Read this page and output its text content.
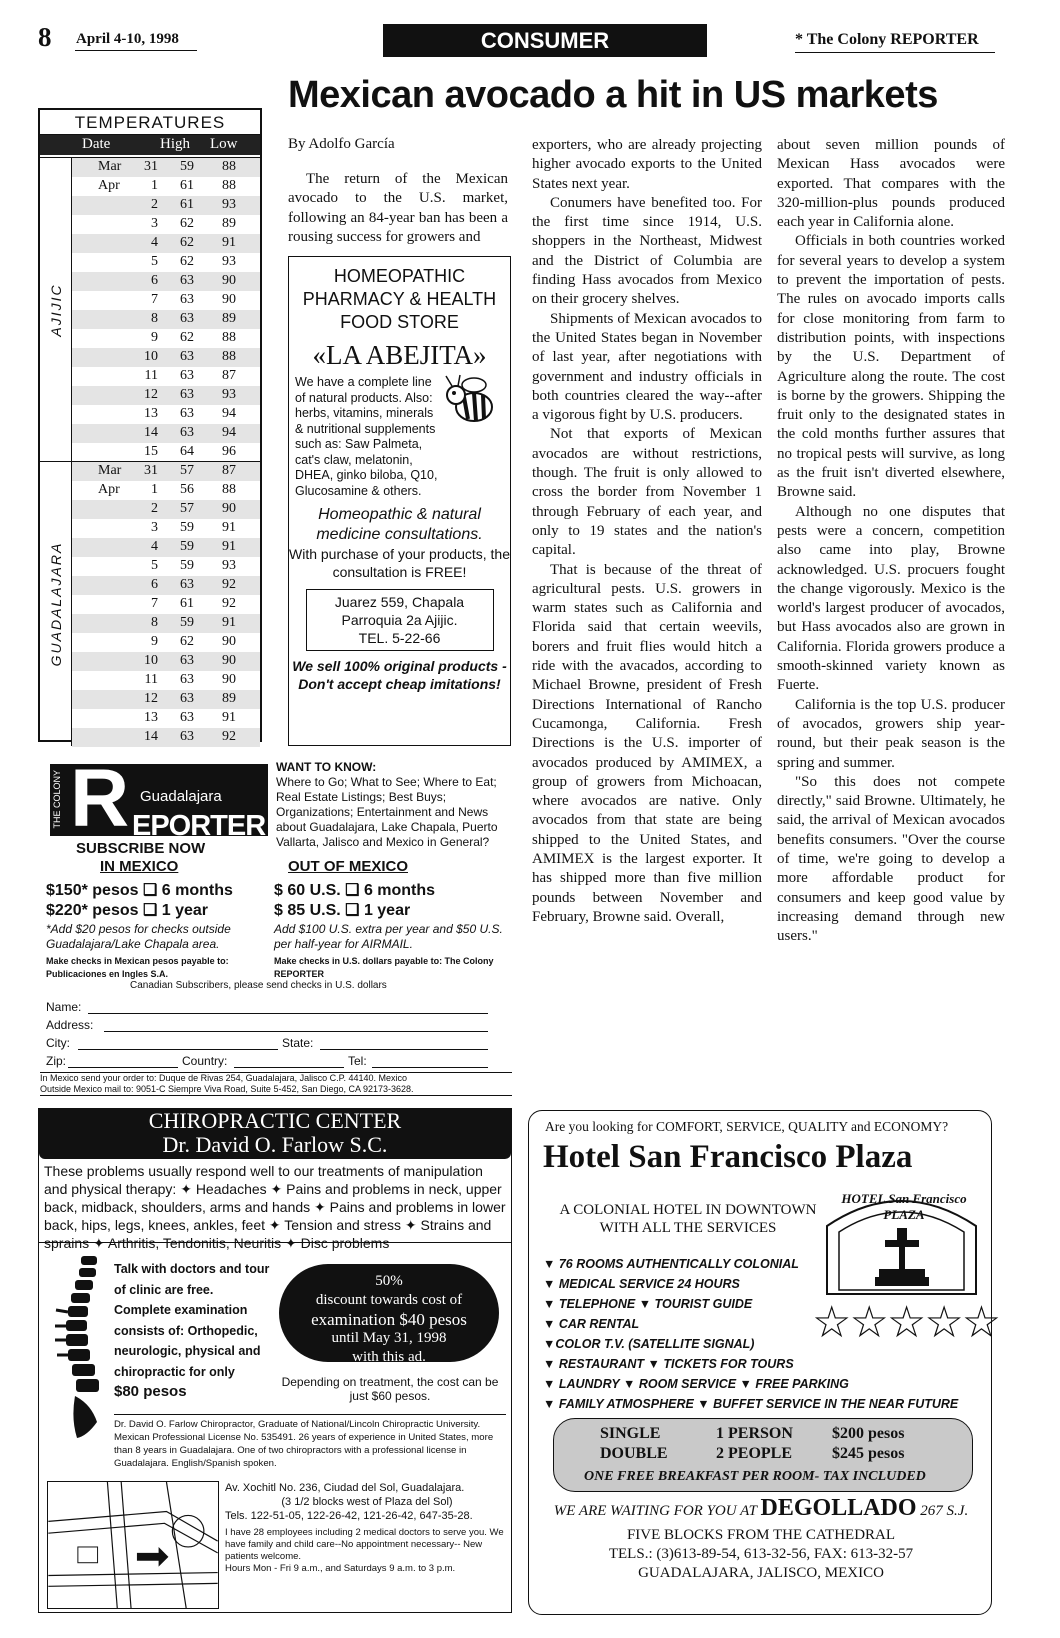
8 April 4-10, 1998	CONSUMER	* The Colony REPORTER
Mexican avocado a hit in US markets
TEMPERATURES
Date	High Low
AJIJIC
Mar	31 59 88
Apr	1 61 88
2 61 93
3 62 89
4 62 91
5 62 93
6 63 90
7 63 90
8 63 89
9 62 88
10 63 88
11 63 87
12 63 93
13 63 94
14 63 94
15 64 96
GUADALAJARA
Mar	31 57 87
Apr	1 56 88
2 57 90
3 59 91
4 59 91
5 59 93
6 63 92
7 61 92
8 59 91
9 62 90
10 63 90
11 63 90
12 63 89
13 63 91
14 63 92
By Adolfo García

The return of the Mexican avocado to the U.S. market, following an 84-year ban has been a rousing success for growers and

exporters, who are already projecting higher avocado exports to the United States next year.

Conumers have benefited too. For the first time since 1914, U.S. shoppers in the Northeast, Midwest and the District of Columbia are finding Hass avocados from Mexico on their grocery shelves.

Shipments of Mexican avocados to the United States began in November of last year, after negotiations with government and industry officials in both countries cleared the way--after a vigorous fight by U.S. producers.

Not that exports of Mexican avocados are without restrictions, though. The fruit is only allowed to cross the border from November 1 through February of each year, and only to 19 states and the nation's capital.

That is because of the threat of agricultural pests. U.S. growers in warm states such as California and Florida said that certain weevils, borers and fruit flies would hitch a ride with the avacados, according to Michael Browne, president of Fresh Directions International of Rancho Cucamonga, California. Fresh Directions is the U.S. importer of avocados produced by AMIMEX, a group of growers from Michoacan, where avocados are native. Only avocados from that state are being shipped to the United States, and AMIMEX is the largest exporter. It has shipped more than five million pounds between November and February, Browne said. Overall,

about seven million pounds of Mexican Hass avocados were exported. That compares with the 320-million-plus pounds produced each year in California alone.

Officials in both countries worked for several years to develop a system to prevent the importation of pests. The rules on avocado imports calls for close monitoring from farm to distribution points, with inspections by the U.S. Department of Agriculture along the route. The cost is borne by the growers. Shipping the fruit only to the designated states in the cold months further assures that no tropical pests will survive, as long as the fruit isn't diverted elsewhere, Browne said.

Although no one disputes that pests were a concern, competition also came into play, Browne acknowledged. U.S. procuers fought the change vigorously. Mexico is the world's largest producer of avocados, but Hass avocados also are grown in California. Florida growers produce a smooth-skinned variety known as Fuerte.

California is the top U.S. producer of avocados, growers ship year-round, but their peak season is the spring and summer.

"So this does not compete directly," said Browne. Ultimately, he said, the arrival of Mexican avocados benefits consumers. "Over the course of time, we're going to develop a more affordable product for consumers and keep good value by increasing demand through new users."

HOMEOPATHIC PHARMACY & HEALTH FOOD STORE
«LA ABEJITA»
We have a complete line of natural products. Also: herbs, vitamins, minerals & nutritional supplements such as: Saw Palmeta, cat's claw, melatonin, DHEA, ginko biloba, Q10, Glucosamine & others.
Homeopathic & natural medicine consultations.
With purchase of your products, the consultation is FREE!
Juarez 559, Chapala
Parroquia 2a Ajijic.
TEL. 5-22-66
We sell 100% original products - Don't accept cheap imitations!
THE COLONY R Guadalajara
EPORTER
WANT TO KNOW:
Where to Go; What to See; Where to Eat; Real Estate Listings; Best Buys; Organizations; Entertainment and News about Guadalajara, Lake Chapala, Puerto Vallarta, Jalisco and Mexico in General?
SUBSCRIBE NOW
IN MEXICO	OUT OF MEXICO
$150* pesos ❑ 6 months
$220* pesos ❑ 1 year
$ 60 U.S. ❑ 6 months
$ 85 U.S. ❑ 1 year
*Add $20 pesos for checks outside Guadalajara/Lake Chapala area.
Add $100 U.S. extra per year and $50 U.S. per half-year for AIRMAIL.
Make checks in Mexican pesos payable to: Publicaciones en Ingles S.A.
Make checks in U.S. dollars payable to: The Colony REPORTER
Canadian Subscribers, please send checks in U.S. dollars
Name:
Address:
City:	State:
Zip:	Country:	Tel:
In Mexico send your order to: Duque de Rivas 254, Guadalajara, Jalisco C.P. 44140. Mexico
Outside Mexico mail to: 9051-C Siempre Viva Road, Suite 5-452, San Diego, CA 92173-3628.
CHIROPRACTIC CENTER
Dr. David O. Farlow S.C.
These problems usually respond well to our treatments of manipulation and physical therapy: ✦ Headaches ✦ Pains and problems in neck, upper back, midback, shoulders, arms and hands ✦ Pains and problems in lower back, hips, legs, knees, ankles, feet ✦ Tension and stress ✦ Strains and sprains ✦ Arthritis, Tendonitis, Neuritis ✦ Disc problems
Talk with doctors and tour
of clinic are free.
Complete examination
consists of: Orthopedic,
neurologic, physical and
chiropractic for only
$80 pesos
50%
discount towards cost of
examination $40 pesos
until May 31, 1998
with this ad.
Depending on treatment, the cost can be just $60 pesos.
Dr. David O. Farlow Chiropractor, Graduate of National/Lincoln Chiropractic University. Mexican Professional License No. 535491. 26 years of experience in United States, more than 8 years in Guadalajara. One of two chiropractors with a professional license in Guadalajara. English/Spanish spoken.
Av. Xochitl No. 236, Ciudad del Sol, Guadalajara.
(3 1/2 blocks west of Plaza del Sol)
Tels. 122-51-05, 122-26-42, 121-26-42, 647-35-28.
I have 28 employees including 2 medical doctors to serve you. We have family and child care--No appointment necessary-- New patients welcome.
Hours Mon - Fri 9 a.m., and Saturdays 9 a.m. to 3 p.m.
Are you looking for COMFORT, SERVICE, QUALITY and ECONOMY?
Hotel San Francisco Plaza
A COLONIAL HOTEL IN DOWNTOWN WITH ALL THE SERVICES
HOTEL San Francisco PLAZA
☆☆☆☆☆
▼ 76 ROOMS AUTHENTICALLY COLONIAL
▼ MEDICAL SERVICE 24 HOURS
▼ TELEPHONE ▼ TOURIST GUIDE
▼ CAR RENTAL
▼COLOR T.V. (SATELLITE SIGNAL)
▼ RESTAURANT ▼ TICKETS FOR TOURS
▼ LAUNDRY ▼ ROOM SERVICE ▼ FREE PARKING
▼ FAMILY ATMOSPHERE ▼ BUFFET SERVICE IN THE NEAR FUTURE
SINGLE	1 PERSON $200 pesos
DOUBLE	2 PEOPLE $245 pesos
ONE FREE BREAKFAST PER ROOM- TAX INCLUDED
WE ARE WAITING FOR YOU AT DEGOLLADO 267 S.J.
FIVE BLOCKS FROM THE CATHEDRAL
TELS.: (3)613-89-54, 613-32-56, FAX: 613-32-57
GUADALAJARA, JALISCO, MEXICO
